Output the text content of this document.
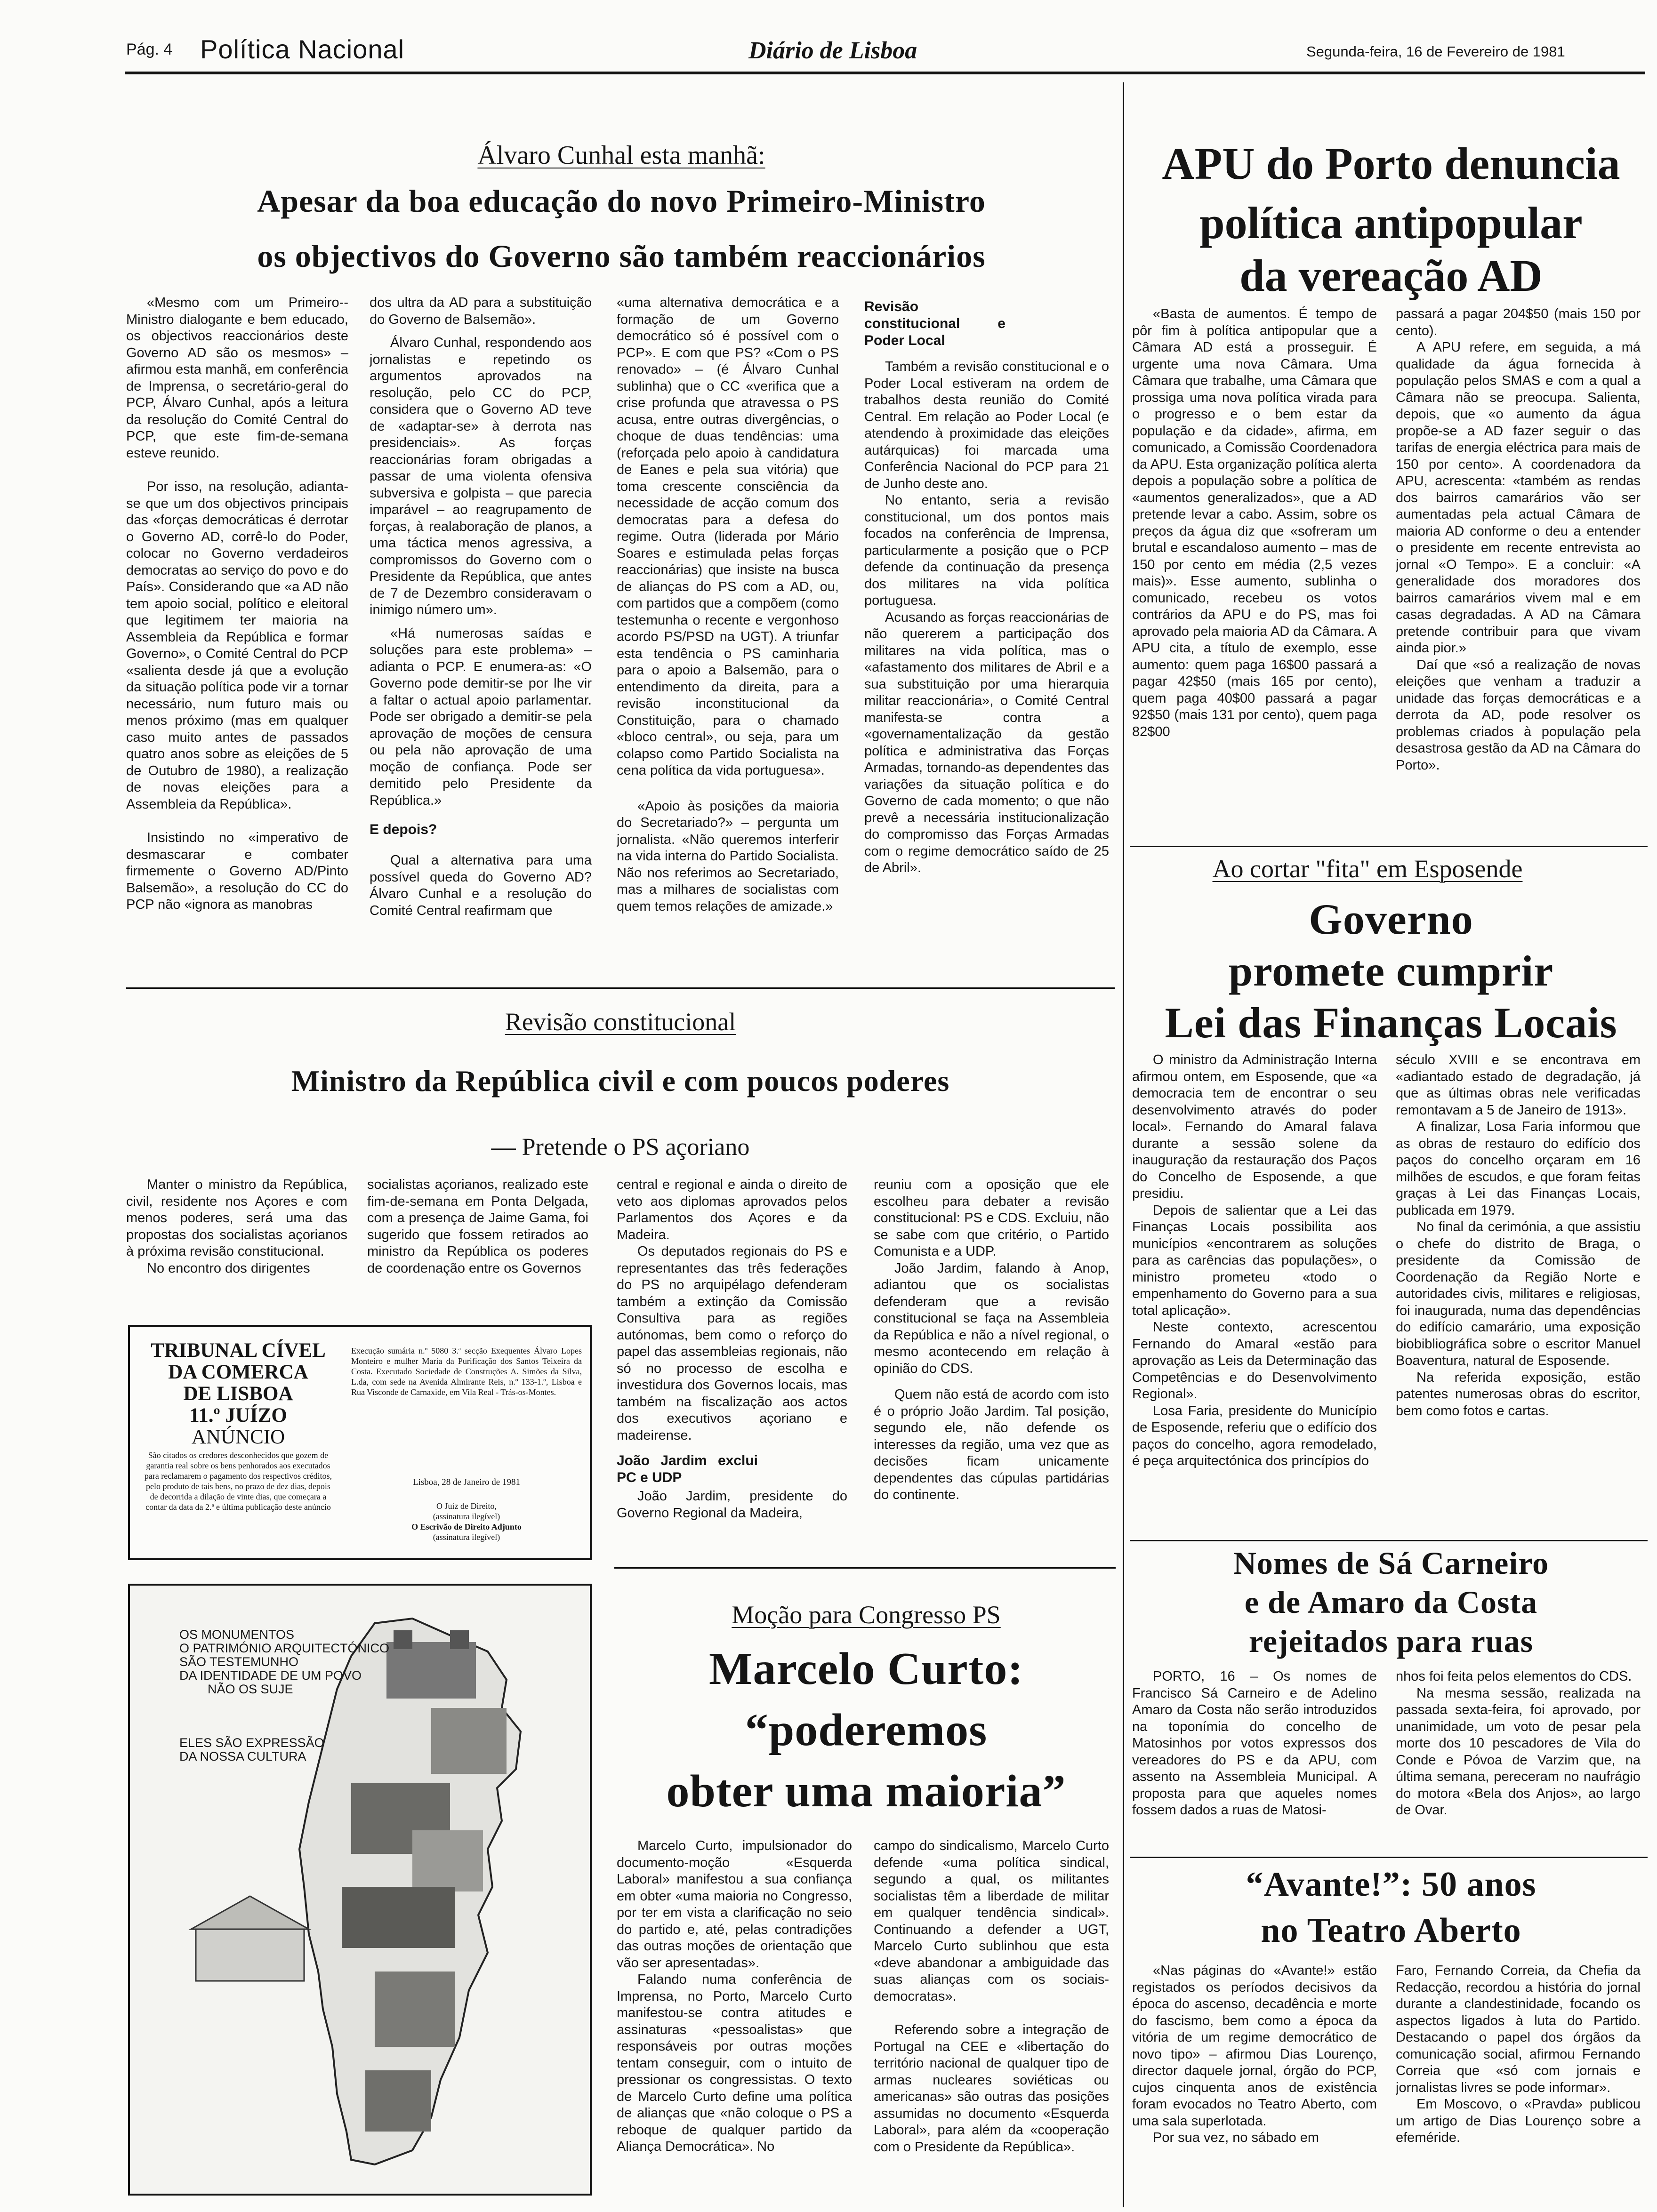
Pág. 4 Política Nacional	Diário de Lisboa	Segunda-feira, 16 de Fevereiro de 1981
Álvaro Cunhal esta manhã:
Apesar da boa educação do novo Primeiro-Ministro
os objectivos do Governo são também reaccionários

«Mesmo com um Primeiro--Ministro dialogante e bem educado, os objectivos reaccionários deste Governo AD são os mesmos» – afirmou esta manhã, em conferência de Imprensa, o secretário-geral do PCP, Álvaro Cunhal, após a leitura da resolução do Comité Central do PCP, que este fim-de-semana esteve reunido.

Por isso, na resolução, adianta-se que um dos objectivos principais das «forças democráticas é derrotar o Governo AD, corrê-lo do Poder, colocar no Governo verdadeiros democratas ao serviço do povo e do País». Considerando que «a AD não tem apoio social, político e eleitoral que legitimem ter maioria na Assembleia da República e formar Governo», o Comité Central do PCP «salienta desde já que a evolução da situação política pode vir a tornar necessário, num futuro mais ou menos próximo (mas em qualquer caso muito antes de passados quatro anos sobre as eleições de 5 de Outubro de 1980), a realização de novas eleições para a Assembleia da República».

Insistindo no «imperativo de desmascarar e combater firmemente o Governo AD/Pinto Balsemão», a resolução do CC do PCP não «ignora as manobras

dos ultra da AD para a substituição do Governo de Balsemão».

Álvaro Cunhal, respondendo aos jornalistas e repetindo os argumentos aprovados na resolução, pelo CC do PCP, considera que o Governo AD teve de «adaptar-se» à derrota nas presidenciais». As forças reaccionárias foram obrigadas a passar de uma violenta ofensiva subversiva e golpista – que parecia imparável – ao reagrupamento de forças, à realaboração de planos, a uma táctica menos agressiva, a compromissos do Governo com o Presidente da República, que antes de 7 de Dezembro consideravam o inimigo número um».

«Há numerosas saídas e soluções para este problema» – adianta o PCP. E enumera-as: «O Governo pode demitir-se por lhe vir a faltar o actual apoio parlamentar. Pode ser obrigado a demitir-se pela aprovação de moções de censura ou pela não aprovação de uma moção de confiança. Pode ser demitido pelo Presidente da República.»

E depois?

Qual a alternativa para uma possível queda do Governo AD? Álvaro Cunhal e a resolução do Comité Central reafirmam que

«uma alternativa democrática e a formação de um Governo democrático só é possível com o PCP». E com que PS? «Com o PS renovado» – (é Álvaro Cunhal sublinha) que o CC «verifica que a crise profunda que atravessa o PS acusa, entre outras divergências, o choque de duas tendências: uma (reforçada pelo apoio à candidatura de Eanes e pela sua vitória) que toma crescente consciência da necessidade de acção comum dos democratas para a defesa do regime. Outra (liderada por Mário Soares e estimulada pelas forças reaccionárias) que insiste na busca de alianças do PS com a AD, ou, com partidos que a compõem (como testemunha o recente e vergonhoso acordo PS/PSD na UGT). A triunfar esta tendência o PS caminharia para o apoio a Balsemão, para o entendimento da direita, para a revisão inconstitucional da Constituição, para o chamado «bloco central», ou seja, para um colapso como Partido Socialista na cena política da vida portuguesa».

«Apoio às posições da maioria do Secretariado?» – pergunta um jornalista. «Não queremos interferir na vida interna do Partido Socialista. Não nos referimos ao Secretariado, mas a milhares de socialistas com quem temos relações de amizade.»

Revisão constitucional e Poder Local

Também a revisão constitucional e o Poder Local estiveram na ordem de trabalhos desta reunião do Comité Central. Em relação ao Poder Local (e atendendo à proximidade das eleições autárquicas) foi marcada uma Conferência Nacional do PCP para 21 de Junho deste ano.

No entanto, seria a revisão constitucional, um dos pontos mais focados na conferência de Imprensa, particularmente a posição que o PCP defende da continuação da presença dos militares na vida política portuguesa.

Acusando as forças reaccionárias de não quererem a participação dos militares na vida política, mas o «afastamento dos militares de Abril e a sua substituição por uma hierarquia militar reaccionária», o Comité Central manifesta-se contra a «governamentalização da gestão política e administrativa das Forças Armadas, tornando-as dependentes das variações da situação política e do Governo de cada momento; o que não prevê a necessária institucionalização do compromisso das Forças Armadas com o regime democrático saído de 25 de Abril».

APU do Porto denuncia
política antipopular
da vereação AD

«Basta de aumentos. É tempo de pôr fim à política antipopular que a Câmara AD está a prosseguir. É urgente uma nova Câmara. Uma Câmara que trabalhe, uma Câmara que prossiga uma nova política virada para o progresso e o bem estar da população e da cidade», afirma, em comunicado, a Comissão Coordenadora da APU. Esta organização política alerta depois a população sobre a política de «aumentos generalizados», que a AD pretende levar a cabo. Assim, sobre os preços da água diz que «sofreram um brutal e escandaloso aumento – mas de 150 por cento em média (2,5 vezes mais)». Esse aumento, sublinha o comunicado, recebeu os votos contrários da APU e do PS, mas foi aprovado pela maioria AD da Câmara. A APU cita, a título de exemplo, esse aumento: quem paga 16$00 passará a pagar 42$50 (mais 165 por cento), quem paga 40$00 passará a pagar 92$50 (mais 131 por cento), quem paga 82$00

passará a pagar 204$50 (mais 150 por cento).

A APU refere, em seguida, a má qualidade da água fornecida à população pelos SMAS e com a qual a Câmara não se preocupa. Salienta, depois, que «o aumento da água propõe-se a AD fazer seguir o das tarifas de energia eléctrica para mais de 150 por cento». A coordenadora da APU, acrescenta: «também as rendas dos bairros camarários vão ser aumentadas pela actual Câmara de maioria AD conforme o deu a entender o presidente em recente entrevista ao jornal «O Tempo». E a concluir: «A generalidade dos moradores dos bairros camarários vivem mal e em casas degradadas. A AD na Câmara pretende contribuir para que vivam ainda pior.»

Daí que «só a realização de novas eleições que venham a traduzir a unidade das forças democráticas e a derrota da AD, pode resolver os problemas criados à população pela desastrosa gestão da AD na Câmara do Porto».

Ao cortar "fita" em Esposende
Governo
promete cumprir
Lei das Finanças Locais

O ministro da Administração Interna afirmou ontem, em Esposende, que «a democracia tem de encontrar o seu desenvolvimento através do poder local». Fernando do Amaral falava durante a sessão solene da inauguração da restauração dos Paços do Concelho de Esposende, a que presidiu.

Depois de salientar que a Lei das Finanças Locais possibilita aos municípios «encontrarem as soluções para as carências das populações», o ministro prometeu «todo o empenhamento do Governo para a sua total aplicação».

Neste contexto, acrescentou Fernando do Amaral «estão para aprovação as Leis da Determinação das Competências e do Desenvolvimento Regional».

Losa Faria, presidente do Município de Esposende, referiu que o edifício dos paços do concelho, agora remodelado, é peça arquitectónica dos princípios do

século XVIII e se encontrava em «adiantado estado de degradação, já que as últimas obras nele verificadas remontavam a 5 de Janeiro de 1913».

A finalizar, Losa Faria informou que as obras de restauro do edifício dos paços do concelho orçaram em 16 milhões de escudos, e que foram feitas graças à Lei das Finanças Locais, publicada em 1979.

No final da cerimónia, a que assistiu o chefe do distrito de Braga, o presidente da Comissão de Coordenação da Região Norte e autoridades civis, militares e religiosas, foi inaugurada, numa das dependências do edifício camarário, uma exposição biobibliográfica sobre o escritor Manuel Boaventura, natural de Esposende.

Na referida exposição, estão patentes numerosas obras do escritor, bem como fotos e cartas.

Nomes de Sá Carneiro
e de Amaro da Costa
rejeitados para ruas

PORTO, 16 – Os nomes de Francisco Sá Carneiro e de Adelino Amaro da Costa não serão introduzidos na toponímia do concelho de Matosinhos por votos expressos dos vereadores do PS e da APU, com assento na Assembleia Municipal. A proposta para que aqueles nomes fossem dados a ruas de Matosi-

nhos foi feita pelos elementos do CDS.

Na mesma sessão, realizada na passada sexta-feira, foi aprovado, por unanimidade, um voto de pesar pela morte dos 10 pescadores de Vila do Conde e Póvoa de Varzim que, na última semana, pereceram no naufrágio do motora «Bela dos Anjos», ao largo de Ovar.

“Avante!”: 50 anos
no Teatro Aberto

«Nas páginas do «Avante!» estão registados os períodos decisivos da época do ascenso, decadência e morte do fascismo, bem como a época da vitória de um regime democrático de novo tipo» – afirmou Dias Lourenço, director daquele jornal, órgão do PCP, cujos cinquenta anos de existência foram evocados no Teatro Aberto, com uma sala superlotada.

Por sua vez, no sábado em

Faro, Fernando Correia, da Chefia da Redacção, recordou a história do jornal durante a clandestinidade, focando os aspectos ligados à luta do Partido. Destacando o papel dos órgãos da comunicação social, afirmou Fernando Correia que «só com jornais e jornalistas livres se pode informar».

Em Moscovo, o «Pravda» publicou um artigo de Dias Lourenço sobre a efeméride.

Revisão constitucional
Ministro da República civil e com poucos poderes
— Pretende o PS açoriano

Manter o ministro da República, civil, residente nos Açores e com menos poderes, será uma das propostas dos socialistas açorianos à próxima revisão constitucional.

No encontro dos dirigentes

socialistas açorianos, realizado este fim-de-semana em Ponta Delgada, com a presença de Jaime Gama, foi sugerido que fossem retirados ao ministro da República os poderes de coordenação entre os Governos

central e regional e ainda o direito de veto aos diplomas aprovados pelos Parlamentos dos Açores e da Madeira.

Os deputados regionais do PS e representantes das três federações do PS no arquipélago defenderam também a extinção da Comissão Consultiva para as regiões autónomas, bem como o reforço do papel das assembleias regionais, não só no processo de escolha e investidura dos Governos locais, mas também na fiscalização aos actos dos executivos açoriano e madeirense.

João Jardim exclui PC e UDP

João Jardim, presidente do Governo Regional da Madeira,

reuniu com a oposição que ele escolheu para debater a revisão constitucional: PS e CDS. Excluiu, não se sabe com que critério, o Partido Comunista e a UDP.

João Jardim, falando à Anop, adiantou que os socialistas defenderam que a revisão constitucional se faça na Assembleia da República e não a nível regional, o mesmo acontecendo em relação à opinião do CDS.

Quem não está de acordo com isto é o próprio João Jardim. Tal posição, segundo ele, não defende os interesses da região, uma vez que as decisões ficam unicamente dependentes das cúpulas partidárias do continente.

TRIBUNAL CÍVEL
DA COMERCA
DE LISBOA
11.º JUÍZO
ANÚNCIO
São citados os credores desconhecidos que gozem de garantia real sobre os bens penhorados aos executados para reclamarem o pagamento dos respectivos créditos, pelo produto de tais bens, no prazo de dez dias, depois de decorrida a dilação de vinte dias, que começara a contar da data da 2.ª e última publicação deste anúncio
Execução sumária n.º 5080 3.ª secção Exequentes Álvaro Lopes Monteiro e mulher Maria da Purificação dos Santos Teixeira da Costa. Executado Sociedade de Construções A. Simões da Silva, L.da, com sede na Avenida Almirante Reis, n.º 133-1.º, Lisboa e Rua Visconde de Carnaxide, em Vila Real - Trás-os-Montes.
Lisboa, 28 de Janeiro de 1981
O Juiz de Direito,
(assinatura ilegível)
O Escrivão de Direito Adjunto
(assinatura ilegível)
OS MONUMENTOS
O PATRIMÓNIO ARQUITECTÓNICO
SÃO TESTEMUNHO
DA IDENTIDADE DE UM POVO
NÃO OS SUJE
ELES SÃO EXPRESSÃO
DA NOSSA CULTURA
Moção para Congresso PS
Marcelo Curto:
“poderemos
obter uma maioria”

Marcelo Curto, impulsionador do documento-moção «Esquerda Laboral» manifestou a sua confiança em obter «uma maioria no Congresso, por ter em vista a clarificação no seio do partido e, até, pelas contradições das outras moções de orientação que vão ser apresentadas».

Falando numa conferência de Imprensa, no Porto, Marcelo Curto manifestou-se contra atitudes e assinaturas «pessoalistas» que responsáveis por outras moções tentam conseguir, com o intuito de pressionar os congressistas. O texto de Marcelo Curto define uma política de alianças que «não coloque o PS a reboque de qualquer partido da Aliança Democrática». No

campo do sindicalismo, Marcelo Curto defende «uma política sindical, segundo a qual, os militantes socialistas têm a liberdade de militar em qualquer tendência sindical». Continuando a defender a UGT, Marcelo Curto sublinhou que esta «deve abandonar a ambiguidade das suas alianças com os sociais-democratas».

Referendo sobre a integração de Portugal na CEE e «libertação do território nacional de qualquer tipo de armas nucleares soviéticas ou americanas» são outras das posições assumidas no documento «Esquerda Laboral», para além da «cooperação com o Presidente da República».
